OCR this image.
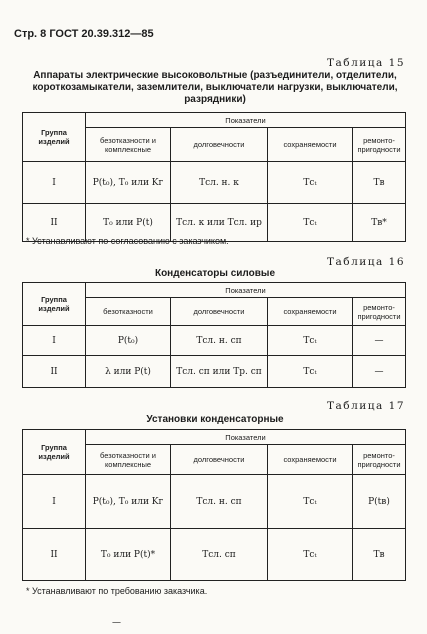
Стр. 8 ГОСТ 20.39.312—85
Таблица 15
Аппараты электрические высоковольтные (разъединители, отделители, короткозамыкатели, заземлители, выключатели нагрузки, выключатели, разрядники)
Группа изделий	Показатели			
	безотказности и комплексные	долговечности	сохраняемости	ремонто-пригодности
I	P(t₀), T₀ или Kг	Tсл. н. к	Tсₜ	Tв
II	T₀ или P(t)	Tсл. к или Tсл. ир	Tсₜ	Tв*
* Устанавливают по согласованию с заказчиком.
Таблица 16
Конденсаторы силовые
Группа изделий	Показатели			
	безотказности	долговечности	сохраняемости	ремонто-пригодности
I	P(t₀)	Tсл. н. сп	Tсₜ	—
II	λ или P(t)	Tсл. сп или Tр. сп	Tсₜ	—
Таблица 17
Установки конденсаторные
Группа изделий	Показатели			
	безотказности и комплексные	долговечности	сохраняемости	ремонто-пригодности
I	P(t₀), T₀ или Kг	Tсл. н. сп	Tсₜ	P(tв)
II	T₀ или P(t)*	Tсл. сп	Tсₜ	Tв
* Устанавливают по требованию заказчика.
—
